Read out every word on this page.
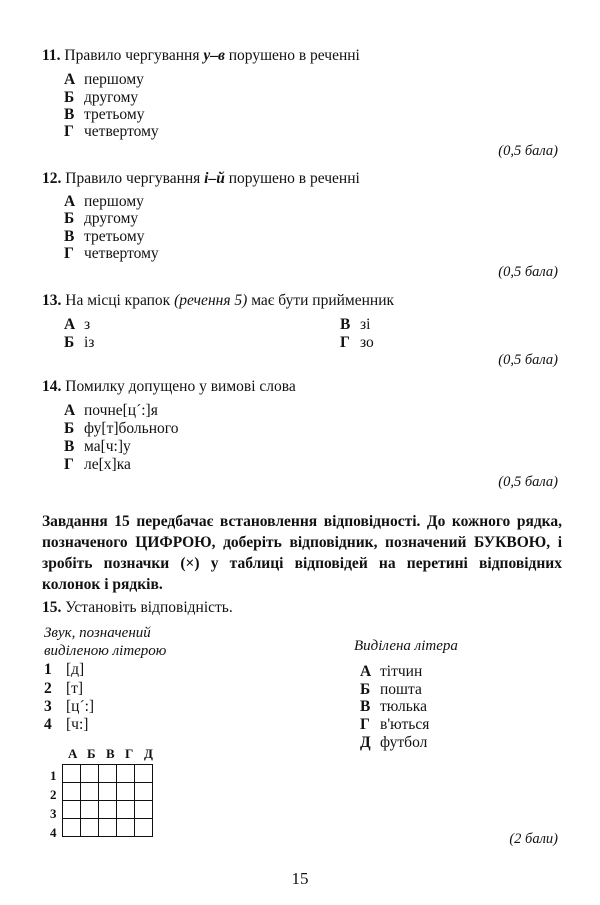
11. Правило чергування у–в порушено в реченні
А першому
Б другому
В третьому
Г четвертому
(0,5 бала)
12. Правило чергування і–й порушено в реченні
А першому
Б другому
В третьому
Г четвертому
(0,5 бала)
13. На місці крапок (речення 5) має бути прийменник
А з
Б із
В зі
Г зо
(0,5 бала)
14. Помилку допущено у вимові слова
А почне[ц´:]я
Б фу[т]больного
В ма[ч:]у
Г ле[х]ка
(0,5 бала)
Завдання 15 передбачає встановлення відповідності. До кожного рядка, позначеного ЦИФРОЮ, доберіть відповідник, позначений БУКВОЮ, і зробіть позначки (×) у таблиці відповідей на перетині відповідних колонок і рядків.
15. Установіть відповідність.
Звук, позначений
виділеною літерою	Виділена літера
1 [д]
2 [т]
3 [ц´:]
4 [ч:]
А тітчин
Б пошта
В тюлька
Г в'ються
Д футбол
А Б В Г Д
1
2
3
4

					(2 бали)
15
